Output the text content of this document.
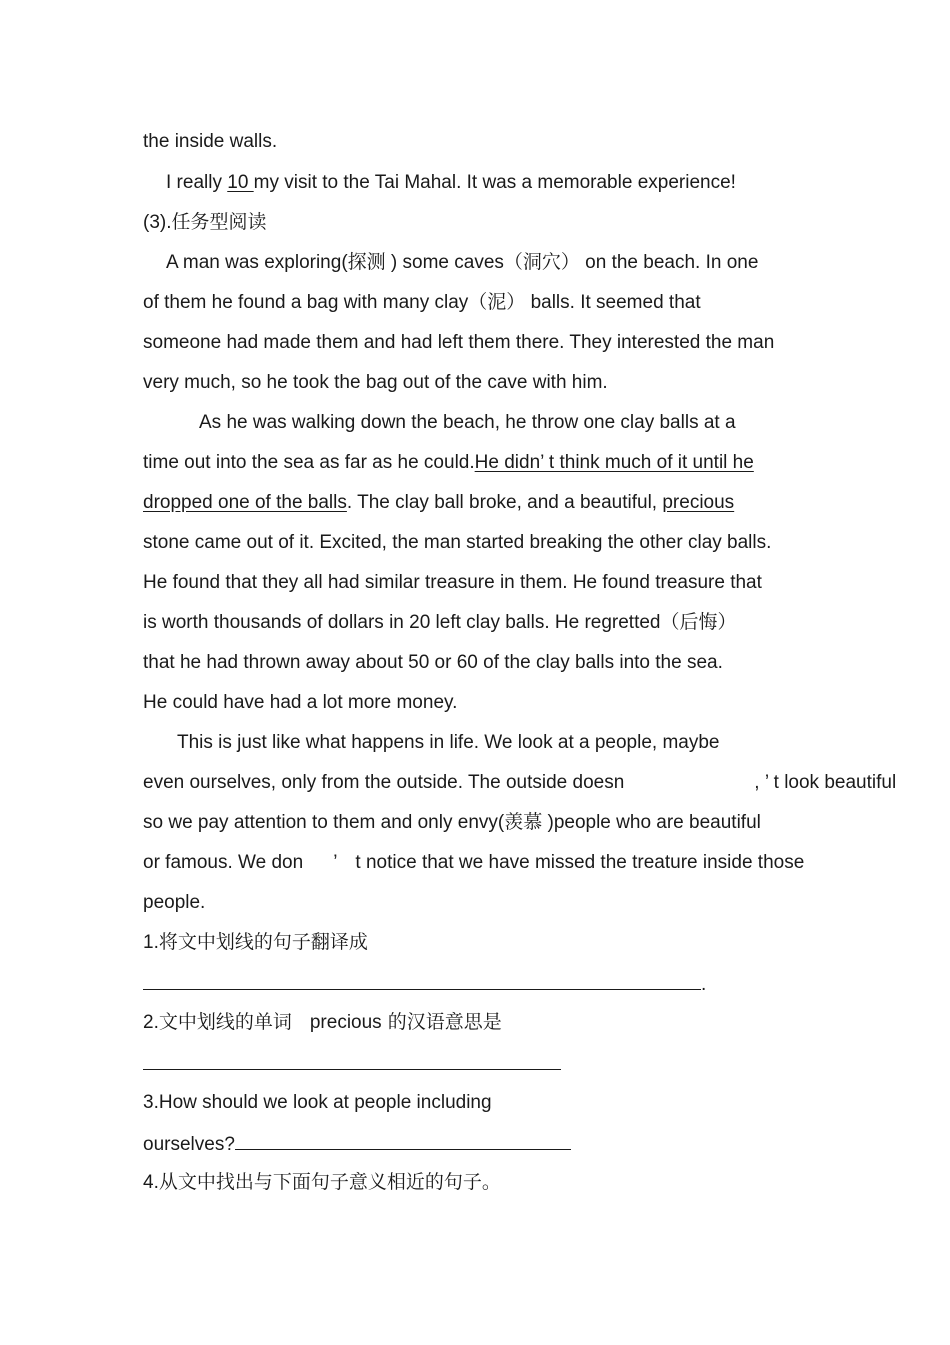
the inside walls.
I really 10 my visit to the Tai Mahal. It was a memorable experience!
(3).任务型阅读
A man was exploring(探测 ) some caves（洞穴） on the beach. In one
of them he found a bag with many clay（泥） balls. It seemed that
someone had made them and had left them there. They interested the man
very much, so he took the bag out of the cave with him.
As he was walking down the beach, he throw one clay balls at a
time out into the sea as far as he could.He didn’ t think much of it until he
dropped one of the balls. The clay ball broke, and a beautiful, precious
stone came out of it. Excited, the man started breaking the other clay balls.
He found that they all had similar treasure in them. He found treasure that
is worth thousands of dollars in 20 left clay balls. He regretted（后悔）
that he had thrown away about 50 or 60 of the clay balls into the sea.
He could have had a lot more money.
This is just like what happens in life. We look at a people, maybe
even ourselves, only from the outside. The outside doesn	, ’ t look beautiful
so we pay attention to them and only envy(羡慕 )people who are beautiful
or famous. We don ’ t notice that we have missed the treature inside those
people.
1.将文中划线的句子翻译成
.
2.文中划线的单词 precious 的汉语意思是
3.How should we look at people including
ourselves?
4.从文中找出与下面句子意义相近的句子。
